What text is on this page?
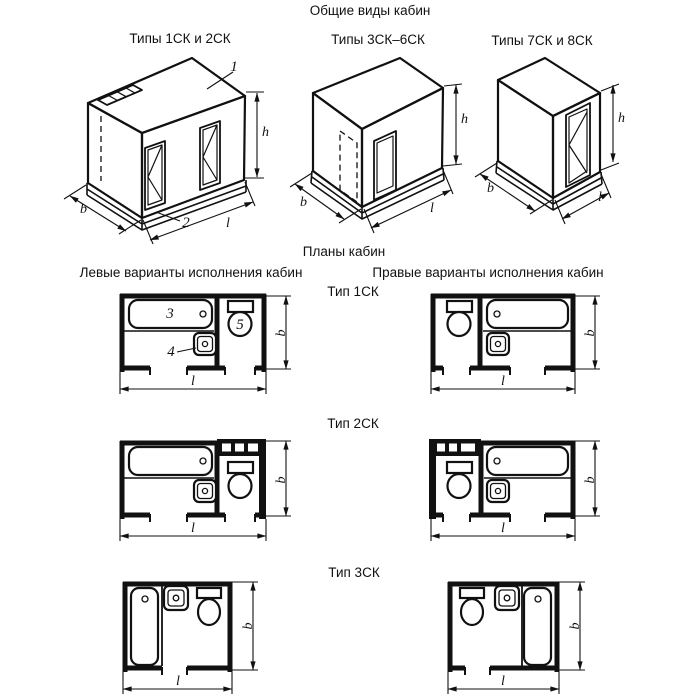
h
b
l
1
2
h
b	l
h
b
l
3
4
5 b
l
b
l
b
l
b
l
b
l
b
l
Общие виды кабин
Типы 1СК и 2СК	Типы 3СК–6СК	Типы 7СК и 8СК
Планы кабин
Левые варианты исполнения кабин	Правые варианты исполнения кабин
Тип 1СК
Тип 2СК
Тип 3СК
